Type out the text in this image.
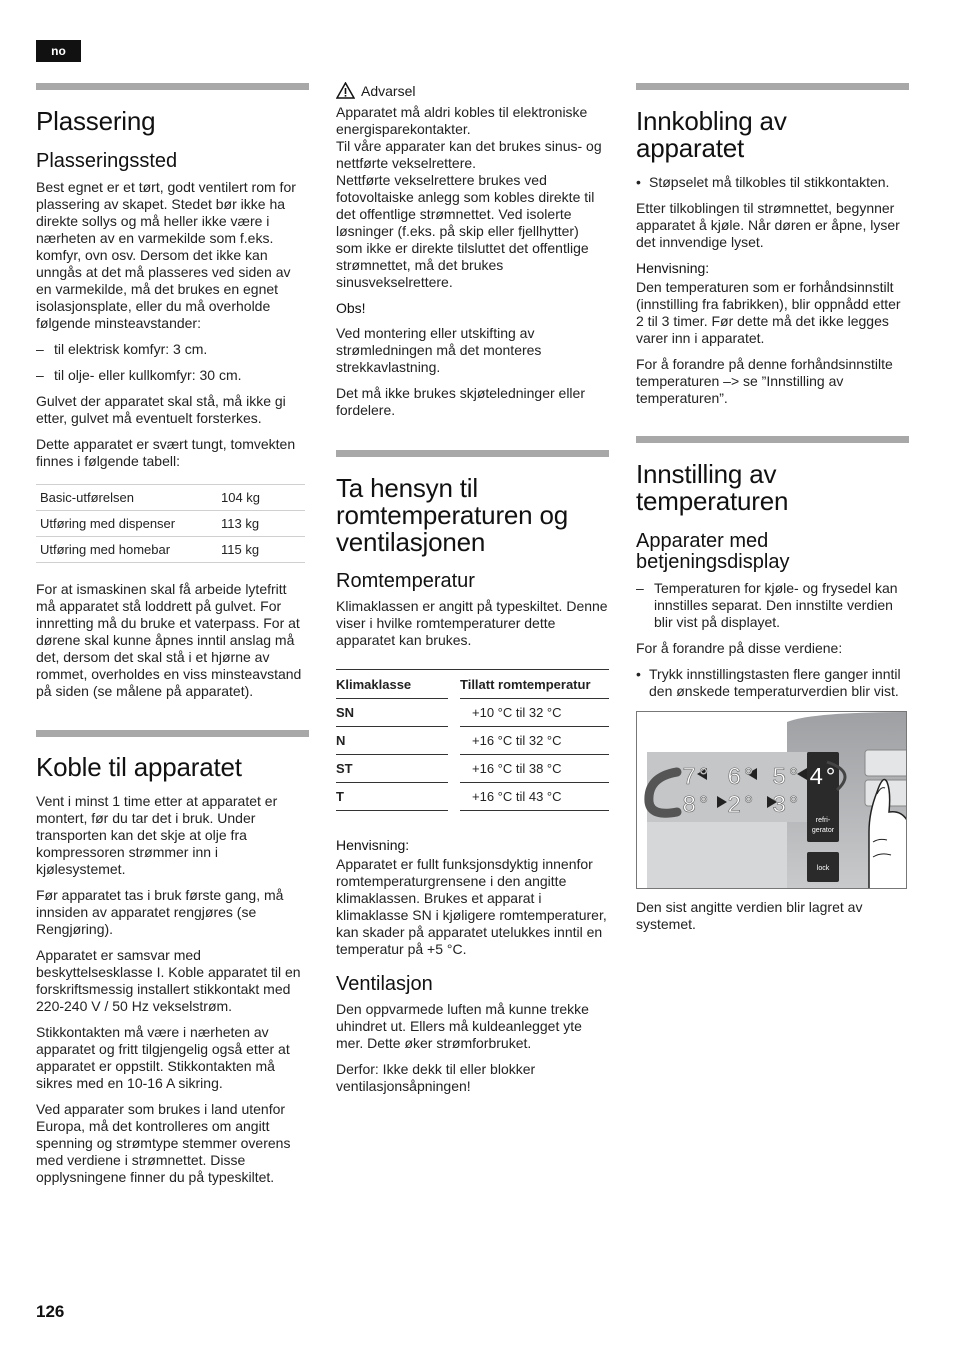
no
Plassering
Plasseringssted

Best egnet er et tørt, godt ventilert rom for plassering av skapet. Stedet bør ikke ha direkte sollys og må heller ikke være i nærheten av en varmekilde som f.eks. komfyr, ovn osv. Dersom det ikke kan unngås at det må plasseres ved siden av en varmekilde, må det brukes en egnet isolasjonsplate, eller du må overholde følgende minsteavstander:

– til elektrisk komfyr: 3 cm.
– til olje- eller kullkomfyr: 30 cm.

Gulvet der apparatet skal stå, må ikke gi etter, gulvet må eventuelt forsterkes.

Dette apparatet er svært tungt, tomvekten finnes i følgende tabell:

Basic-utførelsen	104 kg
Utføring med dispenser	113 kg
Utføring med homebar	115 kg

For at ismaskinen skal få arbeide lytefritt må apparatet stå loddrett på gulvet. For innretting må du bruke et vaterpass. For at dørene skal kunne åpnes inntil anslag må det, dersom det skal stå i et hjørne av rommet, overholdes en viss minsteavstand på siden (se målene på apparatet).

Koble til apparatet

Vent i minst 1 time etter at apparatet er montert, før du tar det i bruk. Under transporten kan det skje at olje fra kompressoren strømmer inn i kjølesystemet.

Før apparatet tas i bruk første gang, må innsiden av apparatet rengjøres (se Rengjøring).

Apparatet er samsvar med beskyttelsesklasse I. Koble apparatet til en forskriftsmessig installert stikkontakt med 220-240 V / 50 Hz vekselstrøm.

Stikkontakten må være i nærheten av apparatet og fritt tilgjengelig også etter at apparatet er oppstilt. Stikkontakten må sikres med en 10-16 A sikring.

Ved apparater som brukes i land utenfor Europa, må det kontrolleres om angitt spenning og strømtype stemmer overens med verdiene i strømnettet. Disse opplysningene finner du på typeskiltet.

Advarsel

Apparatet må aldri kobles til elektroniske energisparekontakter.

Til våre apparater kan det brukes sinus- og nettførte vekselrettere.

Nettførte vekselrettere brukes ved fotovoltaiske anlegg som kobles direkte til det offentlige strømnettet. Ved isolerte løsninger (f.eks. på skip eller fjellhytter) som ikke er direkte tilsluttet det offentlige strømnettet, må det brukes sinusvekselrettere.

Obs!

Ved montering eller utskifting av strømledningen må det monteres strekkavlastning.

Det må ikke brukes skjøteledninger eller fordelere.

Ta hensyn til romtemperaturen og ventilasjonen
Romtemperatur

Klimaklassen er angitt på typeskiltet. Denne viser i hvilke romtemperaturer dette apparatet kan brukes.

Klimaklasse		Tillatt romtemperatur
SN		+10 °C til 32 °C
N		+16 °C til 32 °C
ST		+16 °C til 38 °C
T		+16 °C til 43 °C

Henvisning:

Apparatet er fullt funksjonsdyktig innenfor romtemperaturgrensene i den angitte klimaklassen. Brukes et apparat i klimaklasse SN i kjøligere romtemperaturer, kan skader på apparatet utelukkes inntil en temperatur på +5 °C.

Ventilasjon

Den oppvarmede luften må kunne trekke uhindret ut. Ellers må kuldeanlegget yte mer. Dette øker strømforbruket.

Derfor: Ikke dekk til eller blokker ventilasjonsåpningen!

Innkobling av apparatet
• Støpselet må tilkobles til stikkontakten.

Etter tilkoblingen til strømnettet, begynner apparatet å kjøle. Når døren er åpne, lyser det innvendige lyset.

Henvisning:

Den temperaturen som er forhåndsinnstilt (innstilling fra fabrikken), blir oppnådd etter 2 til 3 timer. Før dette må det ikke legges varer inn i apparatet.

For å forandre på denne forhåndsinnstilte temperaturen –> se ”Innstilling av temperaturen”.

Innstilling av temperaturen
Apparater med betjeningsdisplay
– Temperaturen for kjøle- og frysedel kan innstilles separat. Den innstilte verdien blir vist på displayet.

For å forandre på disse verdiene:

• Trykk innstillingstasten flere ganger inntil den ønskede temperaturverdien blir vist.
7° 6° 5° 4°
8° 2° 3°
refri-
gerator
lock

Den sist angitte verdien blir lagret av systemet.

126
